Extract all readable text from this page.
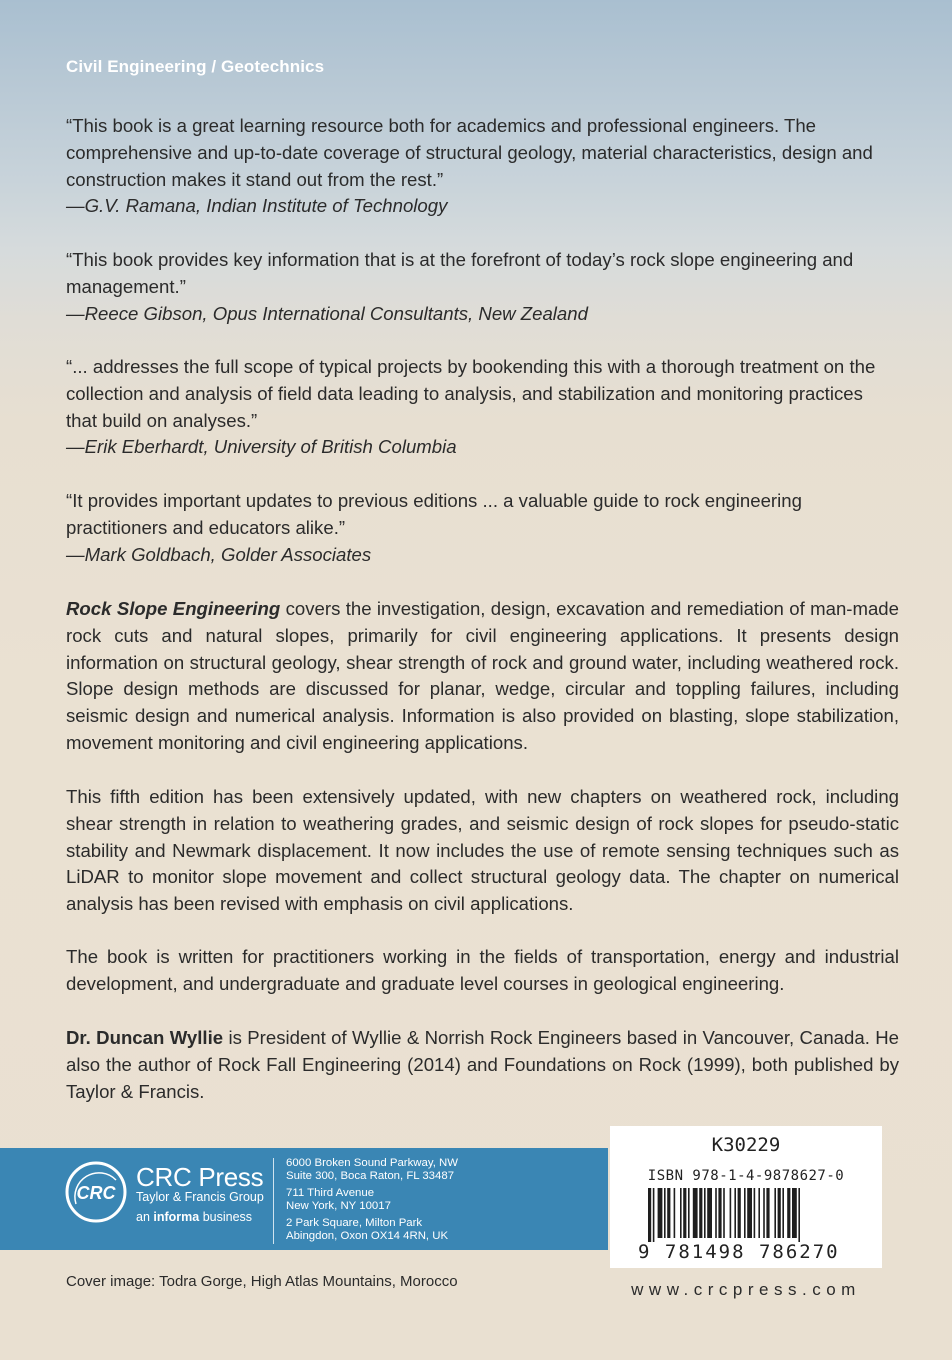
Civil Engineering / Geotechnics
“This book is a great learning resource both for academics and professional engineers. The comprehensive and up-to-date coverage of structural geology, material characteristics, design and construction makes it stand out from the rest.”
—G.V. Ramana, Indian Institute of Technology
“This book provides key information that is at the forefront of today’s rock slope engineering and management.”
—Reece Gibson, Opus International Consultants, New Zealand
“... addresses the full scope of typical projects by bookending this with a thorough treatment on the collection and analysis of field data leading to analysis, and stabilization and monitoring practices that build on analyses.”
—Erik Eberhardt, University of British Columbia
“It provides important updates to previous editions ... a valuable guide to rock engineering practitioners and educators alike.”
—Mark Goldbach, Golder Associates

Rock Slope Engineering covers the investigation, design, excavation and remediation of man-made rock cuts and natural slopes, primarily for civil engineering applications. It presents design information on structural geology, shear strength of rock and ground water, including weathered rock. Slope design methods are discussed for planar, wedge, circular and toppling failures, including seismic design and numerical analysis. Information is also provided on blasting, slope stabilization, movement monitoring and civil engineering applications.

This fifth edition has been extensively updated, with new chapters on weathered rock, including shear strength in relation to weathering grades, and seismic design of rock slopes for pseudo-static stability and Newmark displacement. It now includes the use of remote sensing techniques such as LiDAR to monitor slope movement and collect structural geology data. The chapter on numerical analysis has been revised with emphasis on civil applications.

The book is written for practitioners working in the fields of transportation, energy and industrial development, and undergraduate and graduate level courses in geological engineering.

Dr. Duncan Wyllie is President of Wyllie & Norrish Rock Engineers based in Vancouver, Canada. He also the author of Rock Fall Engineering (2014) and Foundations on Rock (1999), both published by Taylor & Francis.

CRC
CRC Press
Taylor & Francis Group
an informa business
6000 Broken Sound Parkway, NW
Suite 300, Boca Raton, FL 33487
711 Third Avenue
New York, NY 10017
2 Park Square, Milton Park
Abingdon, Oxon OX14 4RN, UK
Cover image: Todra Gorge, High Atlas Mountains, Morocco
K30229
ISBN 978-1-4-9878627-0
9 781498 786270
www.crcpress.com
